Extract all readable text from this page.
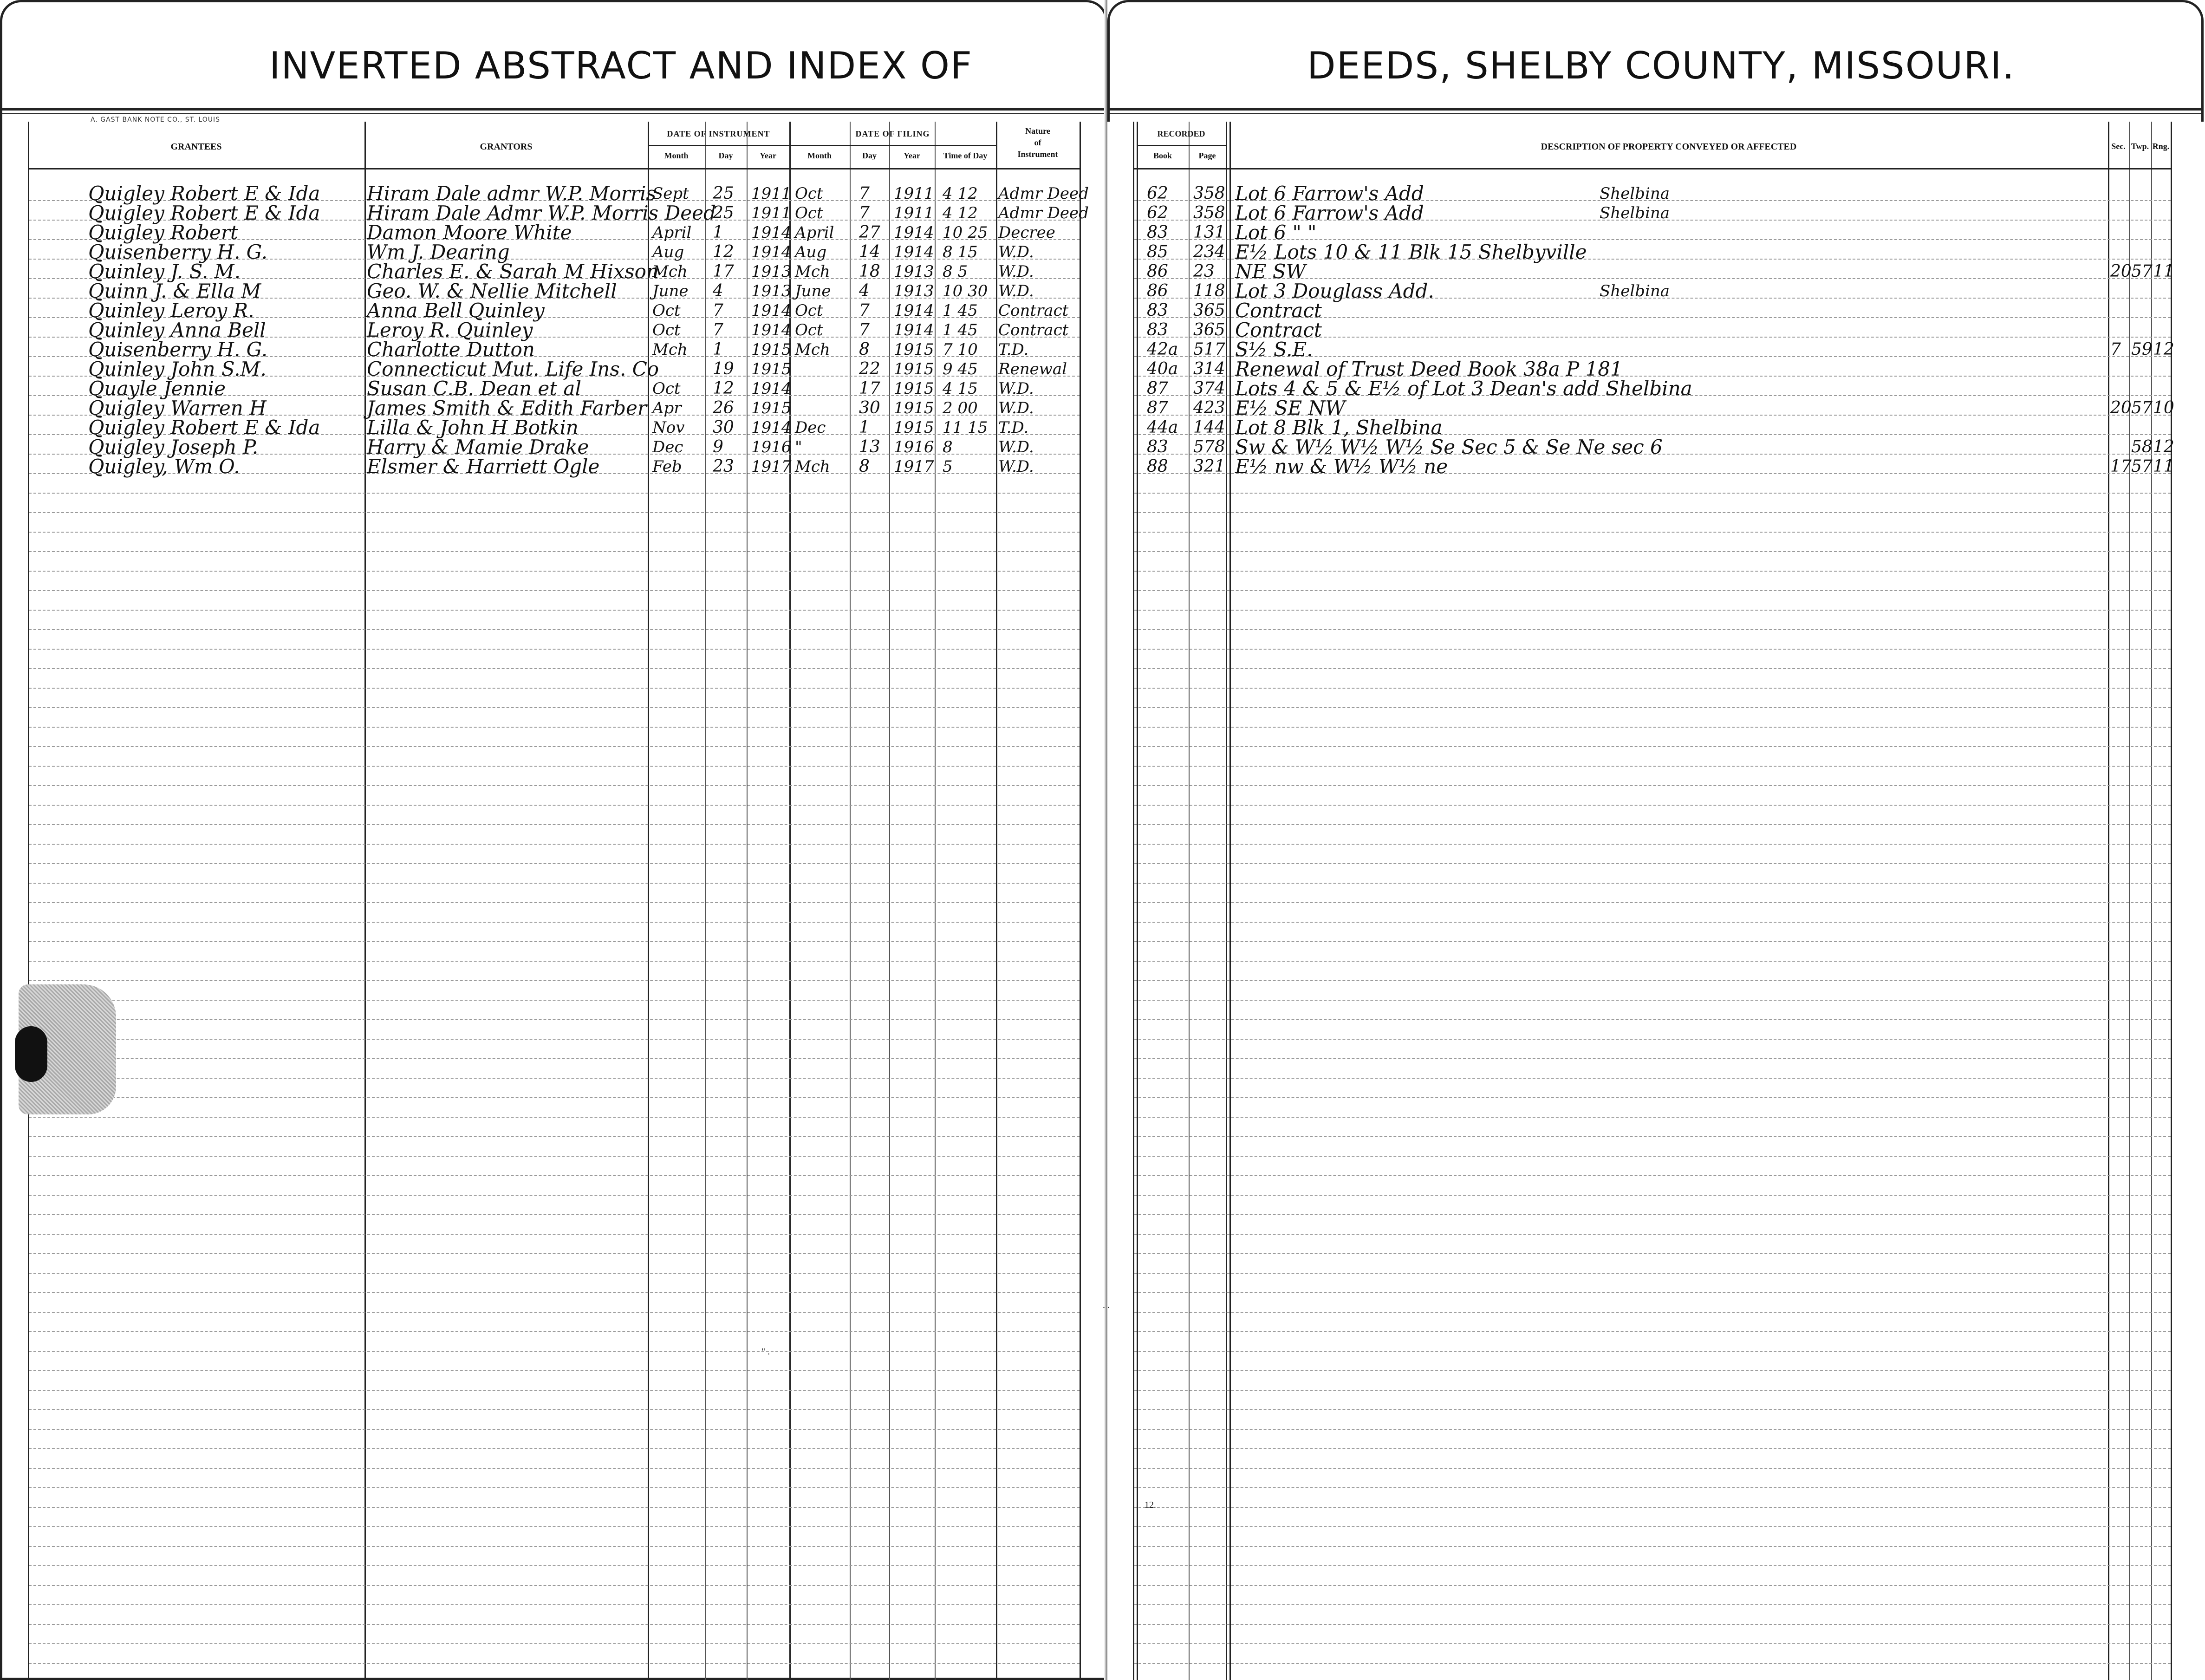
INVERTED ABSTRACT AND INDEX OF
A. GAST BANK NOTE CO., ST. LOUIS
GRANTEES	GRANTORS
DATE OF INSTRUMENT	DATE OF FILING
Month	Day	Year	Month	Day	Year	Time of Day
Nature
of
Instrument
Quigley Robert E & Ida Hiram Dale admr W.P. Morris
Sept 25 1911 Oct 7 1911 4 12 Admr Deed
Quigley Robert E & Ida Hiram Dale Admr W.P. Morris Deed
25 1911 Oct 7 1911 4 12 Admr Deed
Quigley Robert	Damon Moore White	April 1 1914 April 27 1914 10 25 Decree
Quisenberry H. G.	Wm J. Dearing	Aug 12 1914 Aug 14 1914 8 15 W.D.
Quinley J. S. M.	Charles E. & Sarah M Hixson
Mch 17 1913 Mch 18 1913 8 5 W.D.
Quinn J. & Ella M	Geo. W. & Nellie Mitchell June 4 1913 June 4 1913 10 30 W.D.
Quinley Leroy R.	Anna Bell Quinley	Oct 7 1914 Oct 7 1914 1 45 Contract
Quinley Anna Bell	Leroy R. Quinley	Oct 7 1914 Oct 7 1914 1 45 Contract
Quisenberry H. G.	Charlotte Dutton	Mch 1 1915 Mch 8 1915 7 10 T.D.
Quinley John S.M.	Connecticut Mut. Life Ins. Co	19 1915	22 1915 9 45 Renewal
Quayle Jennie	Susan C.B. Dean et al	Oct 12 1914	17 1915 4 15 W.D.
Quigley Warren H	James Smith & Edith Farber Apr 26 1915	30 1915 2 00 W.D.
Quigley Robert E & Ida Lilla & John H Botkin	Nov 30 1914 Dec 1 1915 11 15 T.D.
Quigley Joseph P.	Harry & Mamie Drake	Dec 9 1916 "	13 1916 8	W.D.
Quigley, Wm O.	Elsmer & Harriett Ogle	Feb 23 1917 Mch 8 1917 5	W.D.
" .
DEEDS, SHELBY COUNTY, MISSOURI.
RECORDED
Book	Page
DESCRIPTION OF PROPERTY CONVEYED OR AFFECTED	Sec. Twp. Rng.
62 358 Lot 6 Farrow's Add	Shelbina
62 358 Lot 6 Farrow's Add	Shelbina
83 131 Lot 6 " "
85 234 E½ Lots 10 & 11 Blk 15 Shelbyville
86 23 NE SW	20 57 11
86 118 Lot 3 Douglass Add.	Shelbina
83 365 Contract
83 365 Contract
42a 517 S½ S.E.	7 59 12
40a 314 Renewal of Trust Deed Book 38a P 181
87 374 Lots 4 & 5 & E½ of Lot 3 Dean's add Shelbina
87 423 E½ SE NW	20 57 10
44a 144 Lot 8 Blk 1, Shelbina
83 578 Sw & W½ W½ W½ Se Sec 5 & Se Ne sec 6	58 12
88 321 E½ nw & W½ W½ ne	17 57 11
. .
12.
